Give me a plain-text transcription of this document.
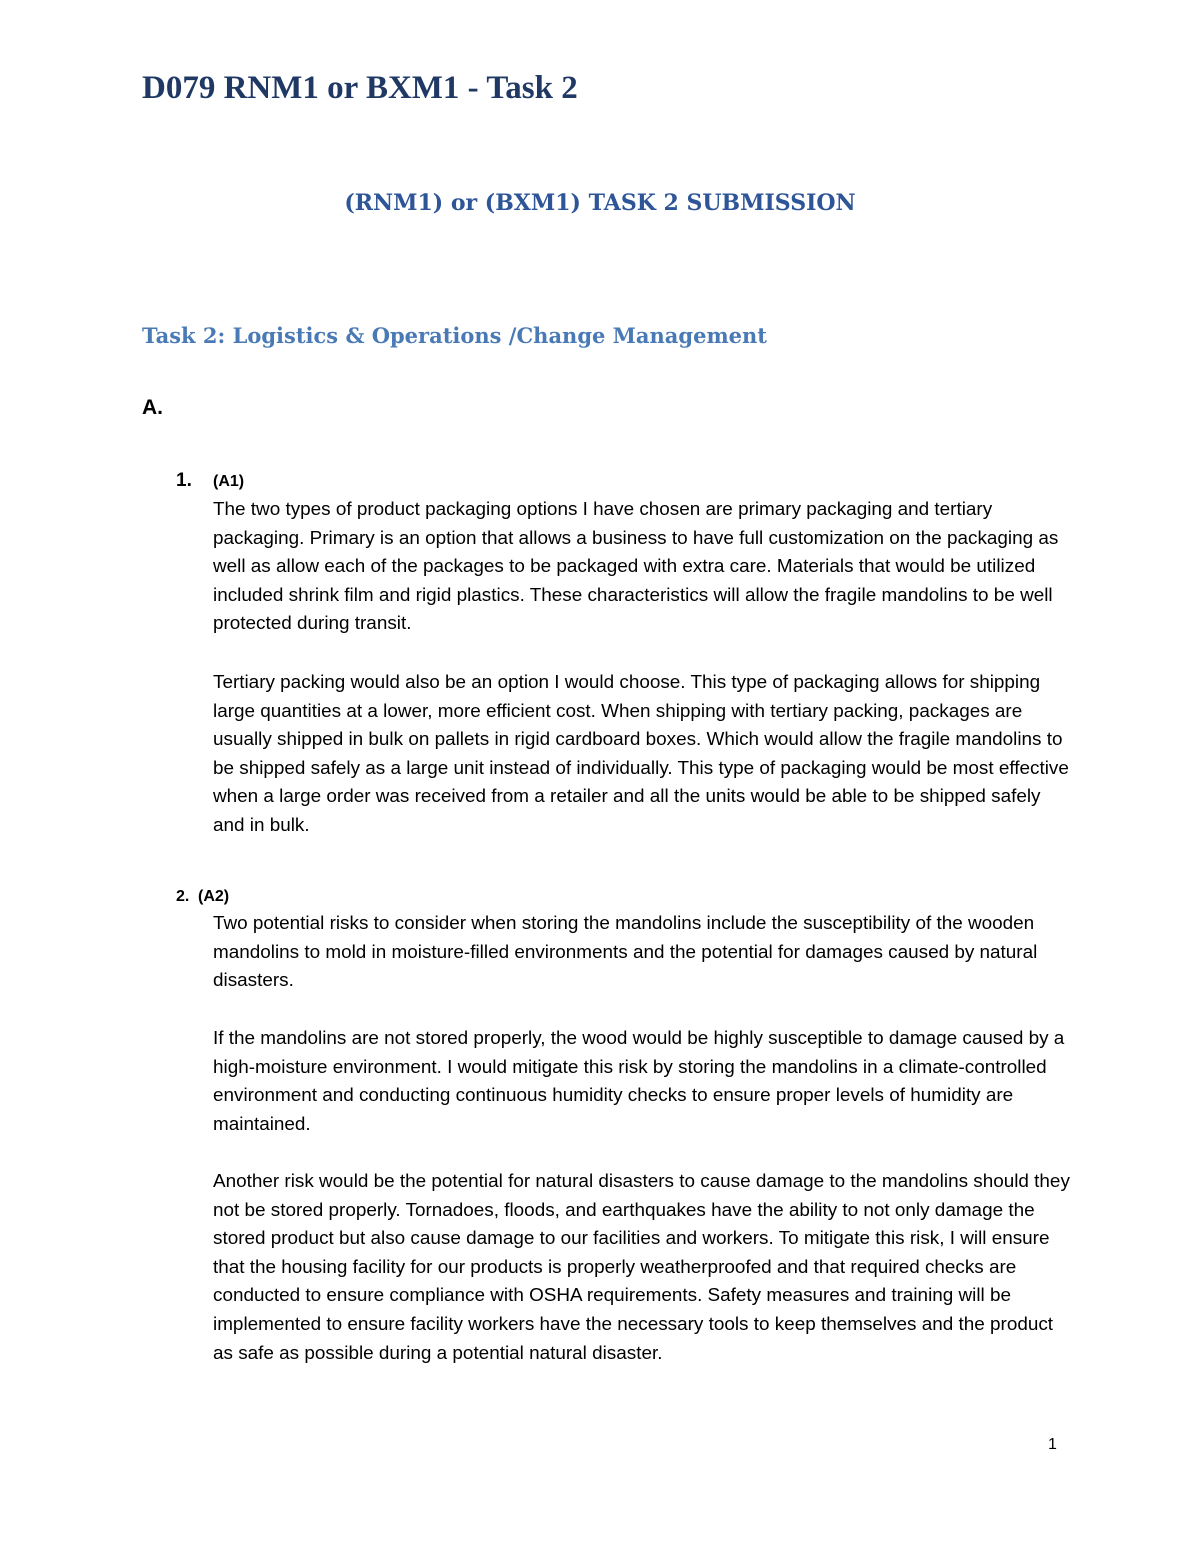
D079 RNM1 or BXM1 - Task 2
(RNM1) or (BXM1) TASK 2 SUBMISSION
Task 2: Logistics & Operations /Change Management
A.
1. (A1)

The two types of product packaging options I have chosen are primary packaging and tertiary packaging. Primary is an option that allows a business to have full customization on the packaging as well as allow each of the packages to be packaged with extra care. Materials that would be utilized included shrink film and rigid plastics. These characteristics will allow the fragile mandolins to be well protected during transit.

Tertiary packing would also be an option I would choose. This type of packaging allows for shipping large quantities at a lower, more efficient cost. When shipping with tertiary packing, packages are usually shipped in bulk on pallets in rigid cardboard boxes. Which would allow the fragile mandolins to be shipped safely as a large unit instead of individually. This type of packaging would be most effective when a large order was received from a retailer and all the units would be able to be shipped safely and in bulk.

2. (A2)

Two potential risks to consider when storing the mandolins include the susceptibility of the wooden mandolins to mold in moisture-filled environments and the potential for damages caused by natural disasters.

If the mandolins are not stored properly, the wood would be highly susceptible to damage caused by a high-moisture environment. I would mitigate this risk by storing the mandolins in a climate-controlled environment and conducting continuous humidity checks to ensure proper levels of humidity are maintained.

Another risk would be the potential for natural disasters to cause damage to the mandolins should they not be stored properly. Tornadoes, floods, and earthquakes have the ability to not only damage the stored product but also cause damage to our facilities and workers. To mitigate this risk, I will ensure that the housing facility for our products is properly weatherproofed and that required checks are conducted to ensure compliance with OSHA requirements. Safety measures and training will be implemented to ensure facility workers have the necessary tools to keep themselves and the product as safe as possible during a potential natural disaster.

1
